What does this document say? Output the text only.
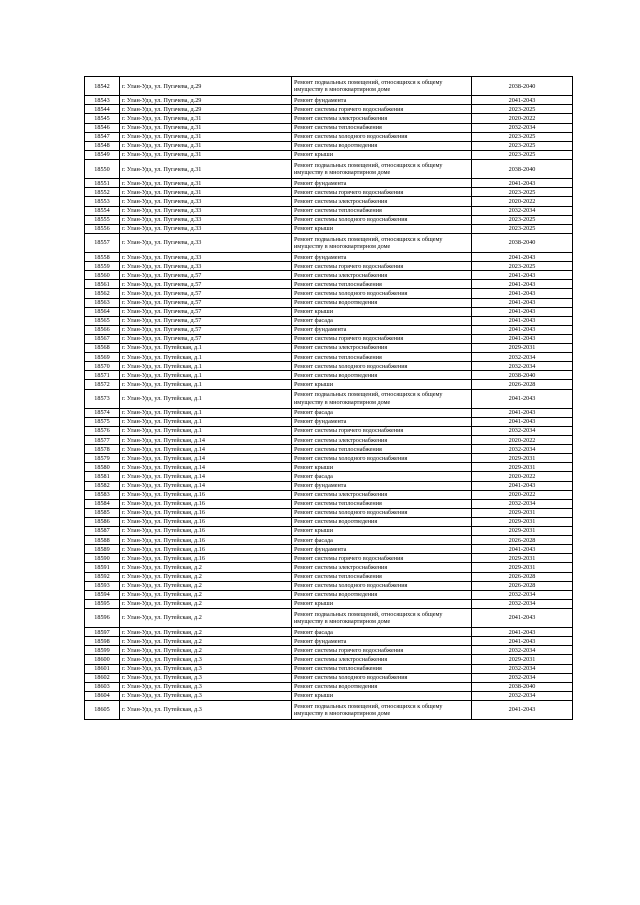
18542	г. Улан-Удэ, ул. Пугачева, д.29	Ремонт подвальных помещений, относящихся к общему имуществу в многоквартирном доме	2038-2040
18543	г. Улан-Удэ, ул. Пугачева, д.29	Ремонт фундамента	2041-2043
18544	г. Улан-Удэ, ул. Пугачева, д.29	Ремонт системы горячего водоснабжения	2023-2025
18545	г. Улан-Удэ, ул. Пугачева, д.31	Ремонт системы электроснабжения	2020-2022
18546	г. Улан-Удэ, ул. Пугачева, д.31	Ремонт системы теплоснабжения	2032-2034
18547	г. Улан-Удэ, ул. Пугачева, д.31	Ремонт системы холодного водоснабжения	2023-2025
18548	г. Улан-Удэ, ул. Пугачева, д.31	Ремонт системы водоотведения	2023-2025
18549	г. Улан-Удэ, ул. Пугачева, д.31	Ремонт крыши	2023-2025
18550	г. Улан-Удэ, ул. Пугачева, д.31	Ремонт подвальных помещений, относящихся к общему имуществу в многоквартирном доме	2038-2040
18551	г. Улан-Удэ, ул. Пугачева, д.31	Ремонт фундамента	2041-2043
18552	г. Улан-Удэ, ул. Пугачева, д.31	Ремонт системы горячего водоснабжения	2023-2025
18553	г. Улан-Удэ, ул. Пугачева, д.33	Ремонт системы электроснабжения	2020-2022
18554	г. Улан-Удэ, ул. Пугачева, д.33	Ремонт системы теплоснабжения	2032-2034
18555	г. Улан-Удэ, ул. Пугачева, д.33	Ремонт системы холодного водоснабжения	2023-2025
18556	г. Улан-Удэ, ул. Пугачева, д.33	Ремонт крыши	2023-2025
18557	г. Улан-Удэ, ул. Пугачева, д.33	Ремонт подвальных помещений, относящихся к общему имуществу в многоквартирном доме	2038-2040
18558	г. Улан-Удэ, ул. Пугачева, д.33	Ремонт фундамента	2041-2043
18559	г. Улан-Удэ, ул. Пугачева, д.33	Ремонт системы горячего водоснабжения	2023-2025
18560	г. Улан-Удэ, ул. Пугачева, д.57	Ремонт системы электроснабжения	2041-2043
18561	г. Улан-Удэ, ул. Пугачева, д.57	Ремонт системы теплоснабжения	2041-2043
18562	г. Улан-Удэ, ул. Пугачева, д.57	Ремонт системы холодного водоснабжения	2041-2043
18563	г. Улан-Удэ, ул. Пугачева, д.57	Ремонт системы водоотведения	2041-2043
18564	г. Улан-Удэ, ул. Пугачева, д.57	Ремонт крыши	2041-2043
18565	г. Улан-Удэ, ул. Пугачева, д.57	Ремонт фасада	2041-2043
18566	г. Улан-Удэ, ул. Пугачева, д.57	Ремонт фундамента	2041-2043
18567	г. Улан-Удэ, ул. Пугачева, д.57	Ремонт системы горячего водоснабжения	2041-2043
18568	г. Улан-Удэ, ул. Путейская, д.1	Ремонт системы электроснабжения	2029-2031
18569	г. Улан-Удэ, ул. Путейская, д.1	Ремонт системы теплоснабжения	2032-2034
18570	г. Улан-Удэ, ул. Путейская, д.1	Ремонт системы холодного водоснабжения	2032-2034
18571	г. Улан-Удэ, ул. Путейская, д.1	Ремонт системы водоотведения	2038-2040
18572	г. Улан-Удэ, ул. Путейская, д.1	Ремонт крыши	2026-2028
18573	г. Улан-Удэ, ул. Путейская, д.1	Ремонт подвальных помещений, относящихся к общему имуществу в многоквартирном доме	2041-2043
18574	г. Улан-Удэ, ул. Путейская, д.1	Ремонт фасада	2041-2043
18575	г. Улан-Удэ, ул. Путейская, д.1	Ремонт фундамента	2041-2043
18576	г. Улан-Удэ, ул. Путейская, д.1	Ремонт системы горячего водоснабжения	2032-2034
18577	г. Улан-Удэ, ул. Путейская, д.14	Ремонт системы электроснабжения	2020-2022
18578	г. Улан-Удэ, ул. Путейская, д.14	Ремонт системы теплоснабжения	2032-2034
18579	г. Улан-Удэ, ул. Путейская, д.14	Ремонт системы холодного водоснабжения	2029-2031
18580	г. Улан-Удэ, ул. Путейская, д.14	Ремонт крыши	2029-2031
18581	г. Улан-Удэ, ул. Путейская, д.14	Ремонт фасада	2020-2022
18582	г. Улан-Удэ, ул. Путейская, д.14	Ремонт фундамента	2041-2043
18583	г. Улан-Удэ, ул. Путейская, д.16	Ремонт системы электроснабжения	2020-2022
18584	г. Улан-Удэ, ул. Путейская, д.16	Ремонт системы теплоснабжения	2032-2034
18585	г. Улан-Удэ, ул. Путейская, д.16	Ремонт системы холодного водоснабжения	2029-2031
18586	г. Улан-Удэ, ул. Путейская, д.16	Ремонт системы водоотведения	2029-2031
18587	г. Улан-Удэ, ул. Путейская, д.16	Ремонт крыши	2029-2031
18588	г. Улан-Удэ, ул. Путейская, д.16	Ремонт фасада	2026-2028
18589	г. Улан-Удэ, ул. Путейская, д.16	Ремонт фундамента	2041-2043
18590	г. Улан-Удэ, ул. Путейская, д.16	Ремонт системы горячего водоснабжения	2029-2031
18591	г. Улан-Удэ, ул. Путейская, д.2	Ремонт системы электроснабжения	2029-2031
18592	г. Улан-Удэ, ул. Путейская, д.2	Ремонт системы теплоснабжения	2026-2028
18593	г. Улан-Удэ, ул. Путейская, д.2	Ремонт системы холодного водоснабжения	2026-2028
18594	г. Улан-Удэ, ул. Путейская, д.2	Ремонт системы водоотведения	2032-2034
18595	г. Улан-Удэ, ул. Путейская, д.2	Ремонт крыши	2032-2034
18596	г. Улан-Удэ, ул. Путейская, д.2	Ремонт подвальных помещений, относящихся к общему имуществу в многоквартирном доме	2041-2043
18597	г. Улан-Удэ, ул. Путейская, д.2	Ремонт фасада	2041-2043
18598	г. Улан-Удэ, ул. Путейская, д.2	Ремонт фундамента	2041-2043
18599	г. Улан-Удэ, ул. Путейская, д.2	Ремонт системы горячего водоснабжения	2032-2034
18600	г. Улан-Удэ, ул. Путейская, д.3	Ремонт системы электроснабжения	2029-2031
18601	г. Улан-Удэ, ул. Путейская, д.3	Ремонт системы теплоснабжения	2032-2034
18602	г. Улан-Удэ, ул. Путейская, д.3	Ремонт системы холодного водоснабжения	2032-2034
18603	г. Улан-Удэ, ул. Путейская, д.3	Ремонт системы водоотведения	2038-2040
18604	г. Улан-Удэ, ул. Путейская, д.3	Ремонт крыши	2032-2034
18605	г. Улан-Удэ, ул. Путейская, д.3	Ремонт подвальных помещений, относящихся к общему имуществу в многоквартирном доме	2041-2043
